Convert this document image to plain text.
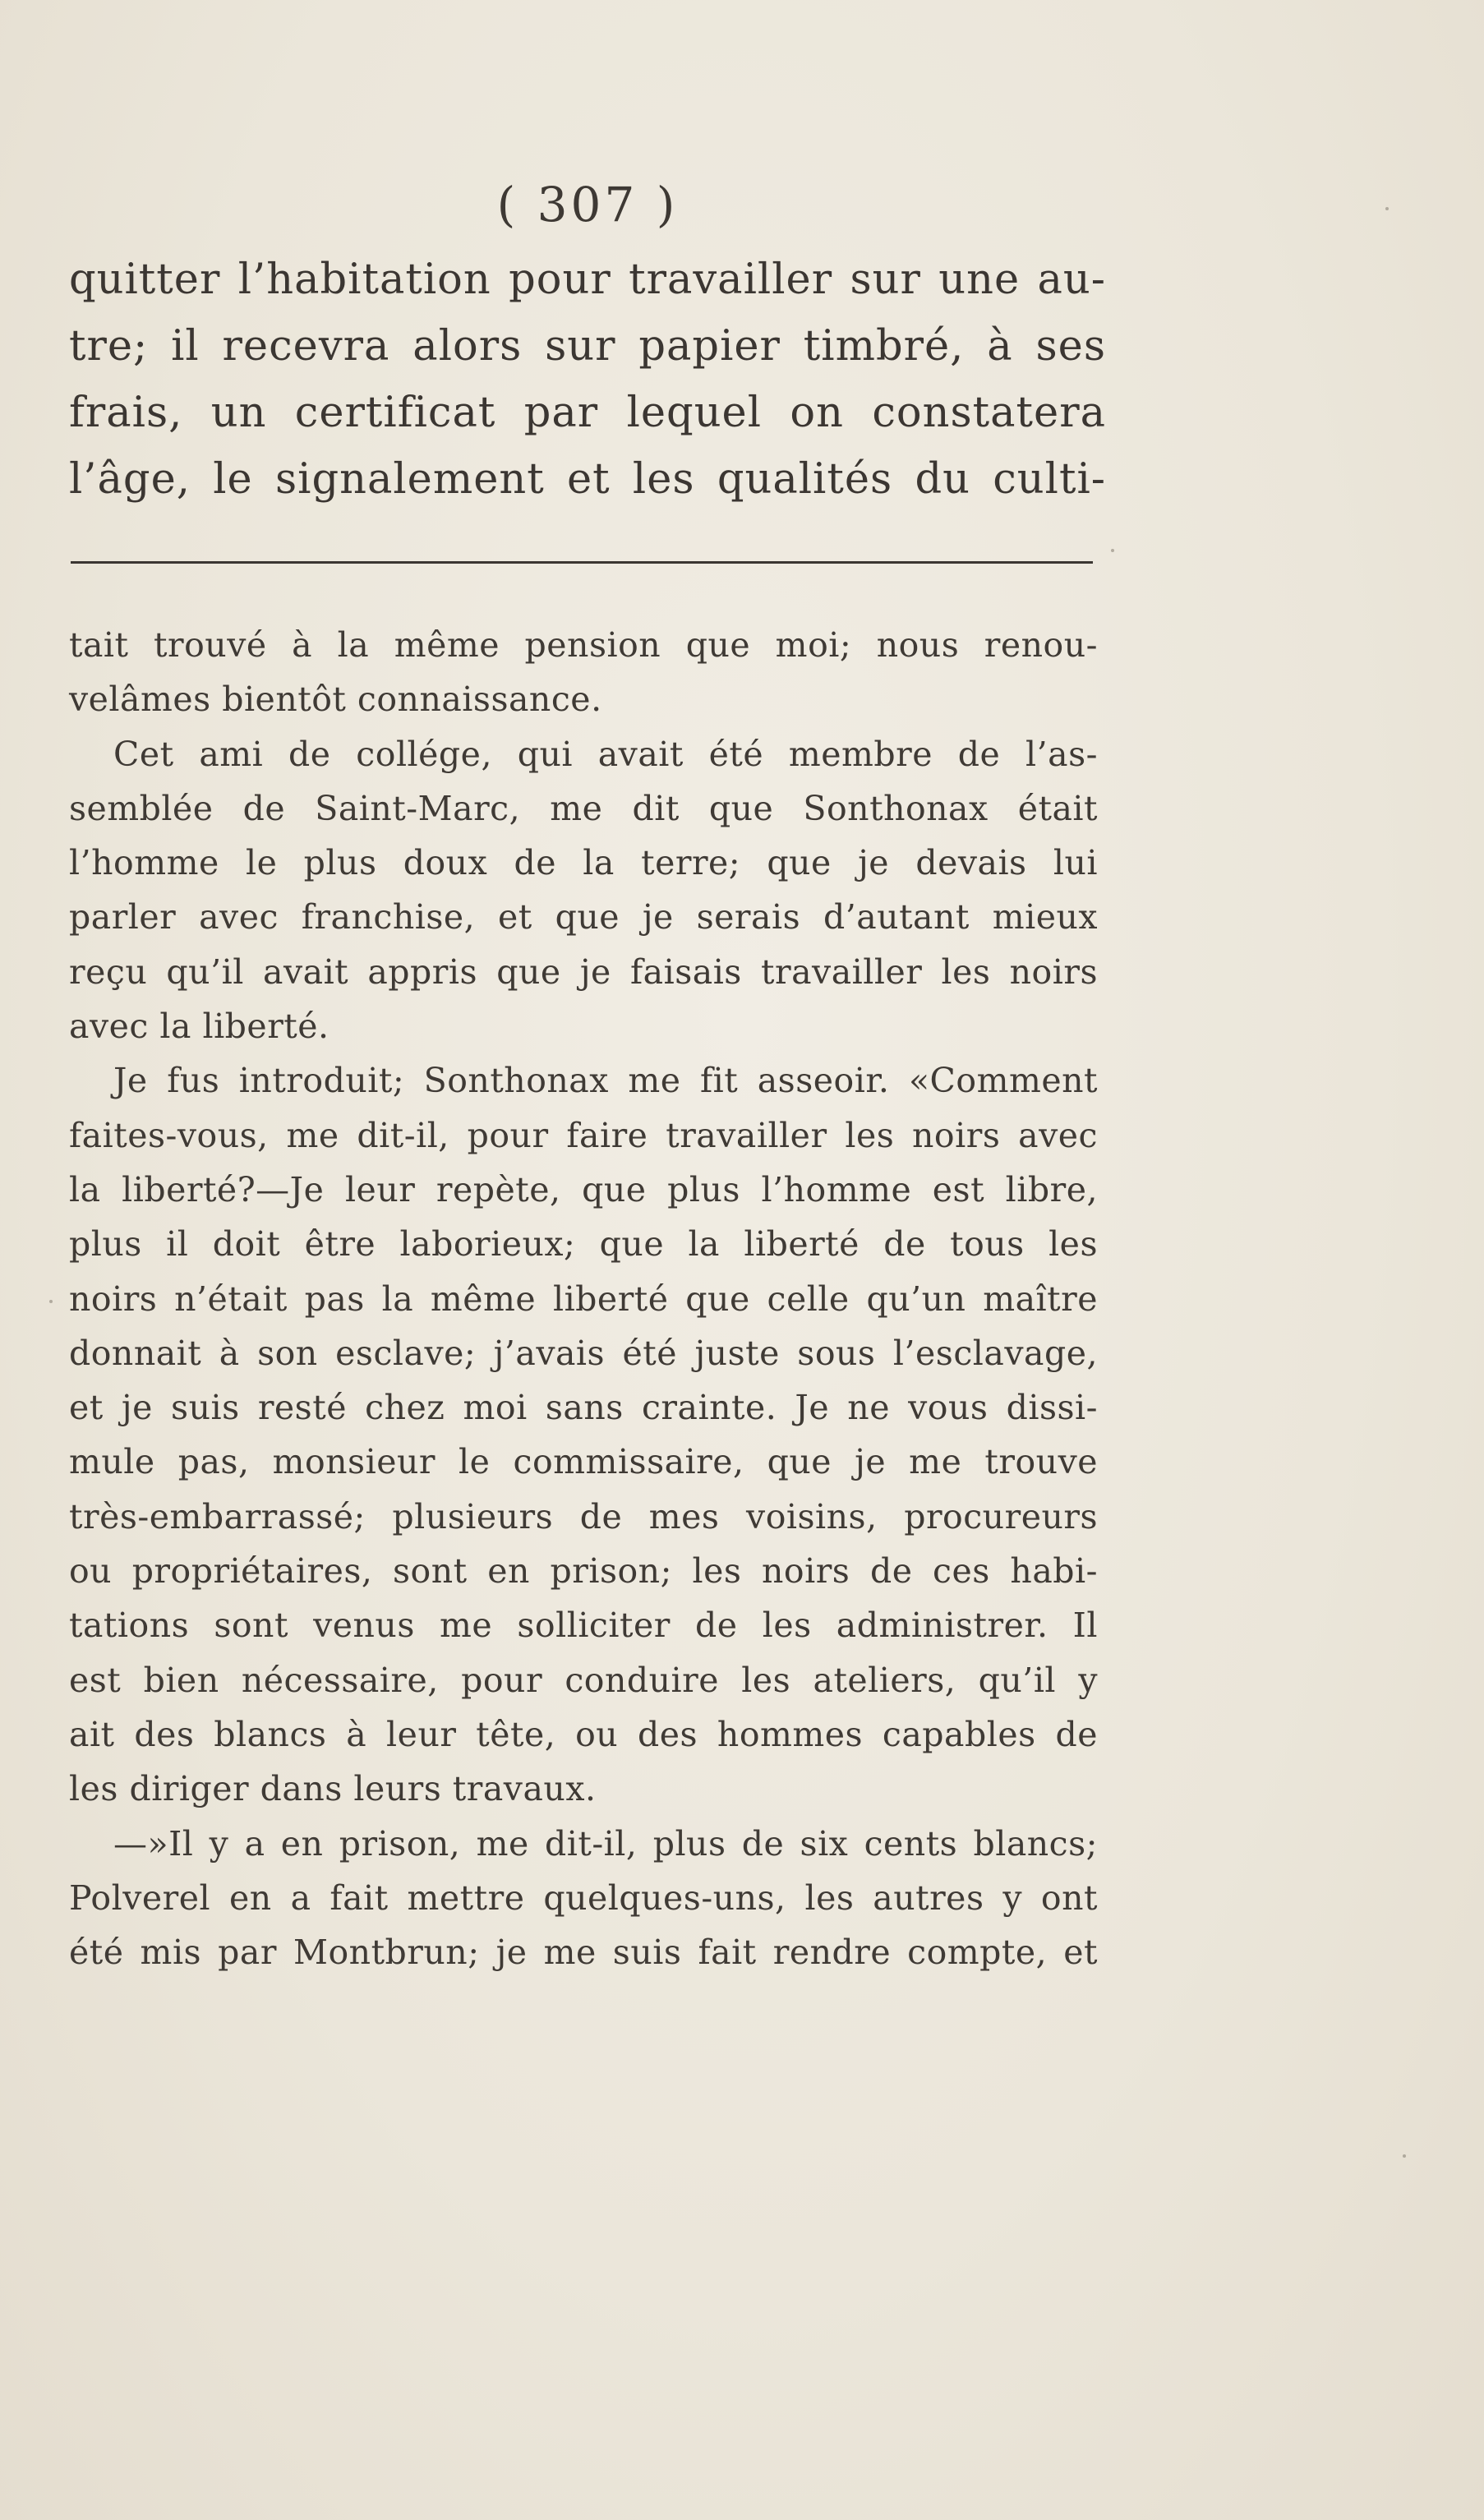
( 307 )
quitter l’habitation pour travailler sur une au-
tre; il recevra alors sur papier timbré, à ses
frais, un certificat par lequel on constatera
l’âge, le signalement et les qualités du culti-
tait trouvé à la même pension que moi; nous renou-
velâmes bientôt connaissance.
Cet ami de collége, qui avait été membre de l’as-
semblée de Saint-Marc, me dit que Sonthonax était
l’homme le plus doux de la terre; que je devais lui
parler avec franchise, et que je serais d’autant mieux
reçu qu’il avait appris que je faisais travailler les noirs
avec la liberté.
Je fus introduit; Sonthonax me fit asseoir. «Comment
faites-vous, me dit-il, pour faire travailler les noirs avec
la liberté?—Je leur repète, que plus l’homme est libre,
plus il doit être laborieux; que la liberté de tous les
noirs n’était pas la même liberté que celle qu’un maître
donnait à son esclave; j’avais été juste sous l’esclavage,
et je suis resté chez moi sans crainte. Je ne vous dissi-
mule pas, monsieur le commissaire, que je me trouve
très-embarrassé; plusieurs de mes voisins, procureurs
ou propriétaires, sont en prison; les noirs de ces habi-
tations sont venus me solliciter de les administrer. Il
est bien nécessaire, pour conduire les ateliers, qu’il y
ait des blancs à leur tête, ou des hommes capables de
les diriger dans leurs travaux.
—»Il y a en prison, me dit-il, plus de six cents blancs;
Polverel en a fait mettre quelques-uns, les autres y ont
été mis par Montbrun; je me suis fait rendre compte, et
